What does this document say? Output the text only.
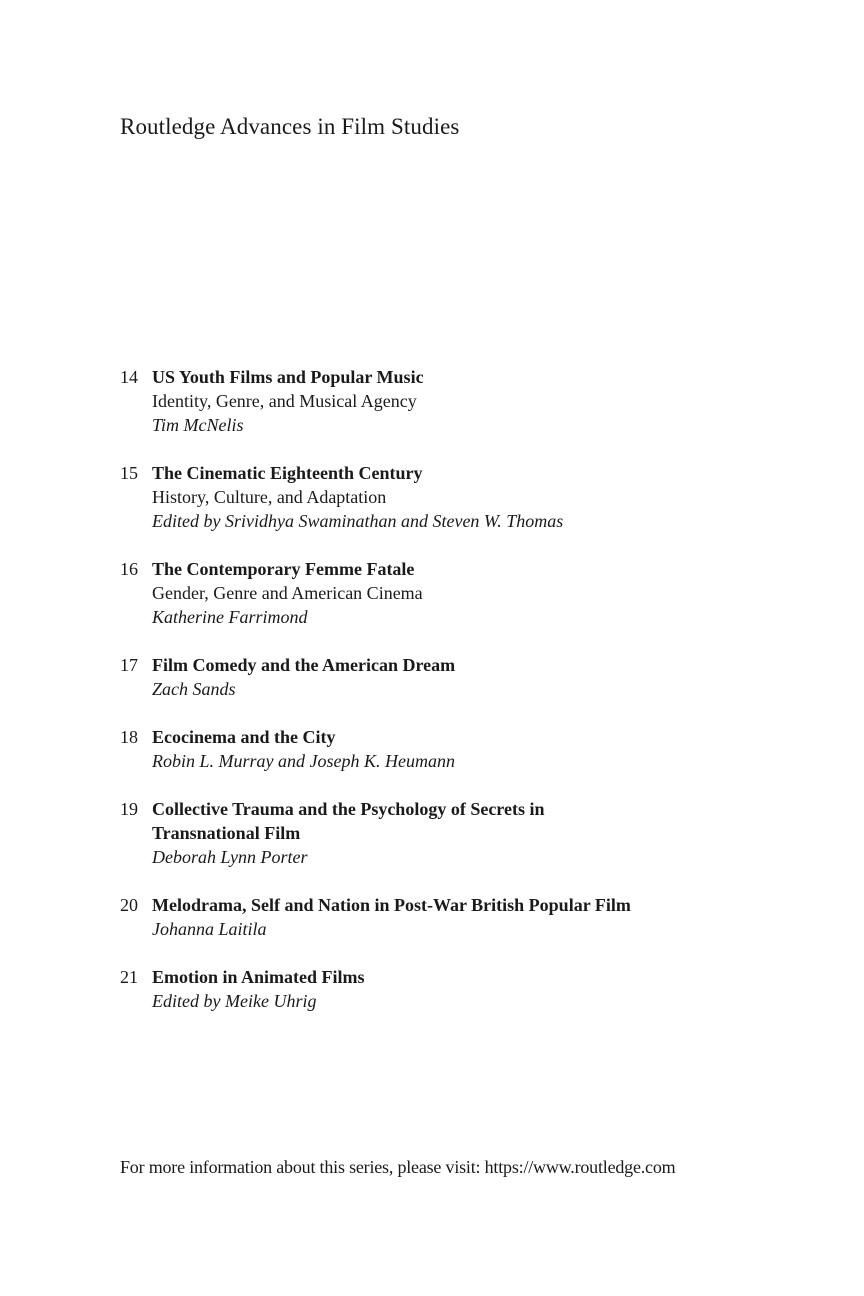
Routledge Advances in Film Studies
14 US Youth Films and Popular Music
Identity, Genre, and Musical Agency
Tim McNelis
15 The Cinematic Eighteenth Century
History, Culture, and Adaptation
Edited by Srividhya Swaminathan and Steven W. Thomas
16 The Contemporary Femme Fatale
Gender, Genre and American Cinema
Katherine Farrimond
17 Film Comedy and the American Dream
Zach Sands
18 Ecocinema and the City
Robin L. Murray and Joseph K. Heumann
19 Collective Trauma and the Psychology of Secrets in Transnational Film
Deborah Lynn Porter
20 Melodrama, Self and Nation in Post-War British Popular Film
Johanna Laitila
21 Emotion in Animated Films
Edited by Meike Uhrig

For more information about this series, please visit: https://www.routledge.com
